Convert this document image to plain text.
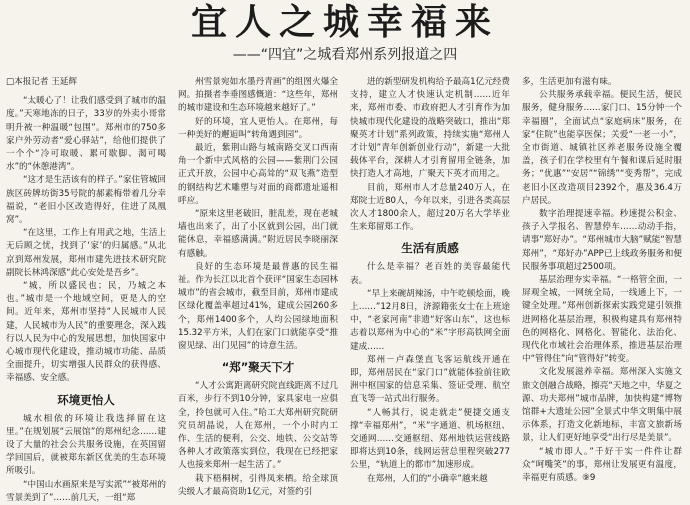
宜人之城幸福来
——“四宜”之城看郑州系列报道之四
□本报记者 王延辉

“太暖心了！让我们感受到了城市的温度。”天寒地冻的日子，33岁的外卖小哥常明升被一种温暖“包围”。郑州市的750多家户外劳动者“爱心驿站”，给他们提供了一个个“冷可取暖、累可歇脚、渴可喝水”的“休憩港湾”。

“这才是生活该有的样子。”家住管城回族区砖牌坊街35号院的郝素梅带着几分幸福说，“老旧小区改造得好，住进了凤凰窝”。

“在这里，工作上有用武之地，生活上无后顾之忧，找到了‘家’的归属感。”从北京到郑州发展，郑州市建先进技术研究院副院长林鸿深感“此心安处是吾乡”。

“城，所以盛民也；民，乃城之本也。”城市是一个地域空间，更是人的空间。近年来，郑州市坚持“人民城市人民建，人民城市为人民”的重要理念，深入践行以人民为中心的发展思想，加快国家中心城市现代化建设，推动城市功能、品质全面提升，切实增强人民群众的获得感、幸福感、安全感。

环境更怡人

城水相依的环境让我选择留在这里。”在规划展“云展馆”的郑州纪念……建设了大量的社会公共服务设施，在英国留学回国后，就被郑东新区优美的生态环境所吸引。

“中国山水画原来是写实派”“被郑州的雪景美到了”……前几天，一组“郑

州雪景宛如水墨丹青画”的组图火爆全网。拍摄者李垂图感慨道：“这些年，郑州的城市建设和生态环境越来越好了。”

好的环境，宜人更怡人。在郑州，每一种美好的邂逅叫“转角遇到园”。

最近，紫荆山路与城南路交叉口西南角一个新中式风格的公园——紫荆门公园正式开放，公园中心高耸的“双飞燕”造型的钢结构艺术雕塑与对面的商都遗址遥相呼应。

“原来这里老破旧，脏乱差，现在老城墙也出来了，出了小区就到公园，出门就能休息，幸福感满满。”附近居民李晓丽深有感触。

良好的生态环境是最普惠的民生福祉。作为长江以北首个获评“国家生态园林城市”的省会城市，截至目前，郑州市建成区绿化覆盖率超过41%，建成公园260多个，郑州1400多个，人均公园绿地面积15.32平方米，人们在家门口就能享受“推窗见绿、出门见园”的诗意生活。

“郑”聚天下才

“人才公寓距离研究院直线距离不过几百米，步行不到10分钟，家具家电一应俱全，拎包就可入住。”哈工大郑州研究院研究员胡晶说，人在郑州，一个小时内工作、生活的便利，公交、地铁、公交站等各种人才政策落实到位，我现在已经把家人也接来郑州一起生活了。”

栽下梧桐树，引得凤来栖。给全球顶尖级人才最高资助1亿元，对签约引

进的新型研发机构给予最高1亿元经费支持，建立人才快速认定机制……近年来，郑州市委、市政府把人才引育作为加快城市现代化建设的战略突破口，推出“郑聚英才计划”系列政策，持续实施“郑州人才计划”青年创新创业行动”，新建一大批载体平台，深耕人才引育留用全链条，加快打造人才高地，广聚天下英才而用之。

目前，郑州市人才总量240万人，在郑院士近80人，今年以来，引进各类高层次人才1800余人，超过20万名大学毕业生来郑留郑工作。

生活有质感

什么是幸福？老百姓的美容最能代表。

“早上来碗胡辣汤，中午吃顿烩面，晚上……”12月8日，济源籍张女士在上班途中，“老家河南”非遗“好客山东”，这也标志着以郑州为中心的“米”字形高铁网全面建成……

郑州－卢森堡直飞客运航线开通在即，郑州居民在“家门口”就能体验前往欧洲中枢国家的信息采集、签证受理、航空直飞等一站式出行服务。

“人畅其行，说走就走”便捷交通支撑“幸福郑州”，“米”字通道、机场枢纽、交通网……交通枢纽、郑州地铁运营线路即将达到10条，线网运营总里程突破277公里，“轨道上的都市”加速形成。

在郑州，人们的“小确幸”越来越

多，生活更加有滋有味。

公共服务承载幸福。便民生活，便民服务，健身服务……家门口、15分钟一个幸福圈”，全面试点“家庭病床”服务，在家“住院”也能享医保；关爱“一老一小”，全市街道、城镇社区养老服务设施全覆盖，孩子们在学校里有午餐和课后延时服务；“优惠”“安居”“锦绣”“变秀帮”，完成老旧小区改造项目2392个，惠及36.4万户居民。

数字治理提速幸福。秒速提公积金、孩子入学报名、智慧停车……动动手指，请事“郑好办”。“郑州城市大脑”赋能“智慧郑州”，“郑好办”APP已上线政务服务和便民服务事项超过2500项。

基层治理夯实幸福。“一格管全面，一屏观全城，一网统全局，一线通上下，一键全处理。”郑州创新探索实践党建引领推进网格化基层治理，积极构建具有郑州特色的网格化、网格化、智能化、法治化、现代化市域社会治理体系，推进基层治理中“管得住”向“管得好”转变。

文化发展滋养幸福。郑州深入实施文旅文创融合战略，擦亮“天地之中，华夏之源、功夫郑州”城市品牌，加快构建“博物馆群+大遗址公园”全景式中华文明集中展示体系，打造文化新地标，丰富文旅新场景，让人们更好地享受“出行尽是美景”。

“城市即人。”千好干实一件件让群众“呵嘴笑”的事，郑州让发展更有温度，幸福更有质感。⑨9
